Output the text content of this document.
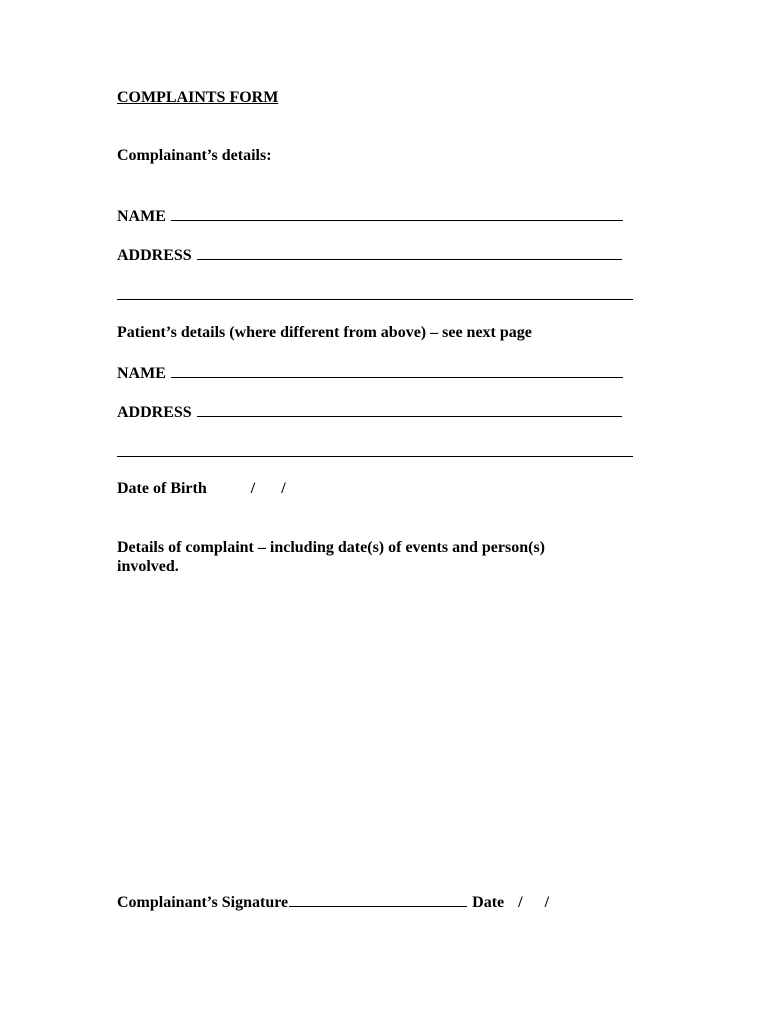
COMPLAINTS FORM
Complainant’s details:
NAME
ADDRESS
Patient’s details (where different from above) – see next page
NAME
ADDRESS
Date of Birth	/ /
Details of complaint – including date(s) of events and person(s)
involved.
Complainant’s Signature	Date / /
